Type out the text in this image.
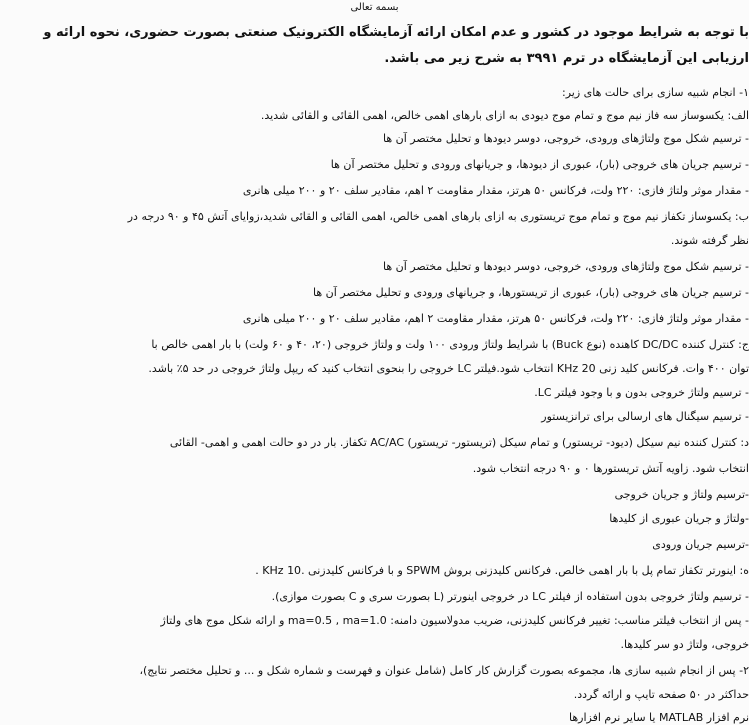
بسمه تعالی
با توجه به شرایط موجود در کشور و عدم امکان ارائه آزمایشگاه الکترونیک صنعتی بصورت حضوری، نحوه ارائه و
ارزیابی این آزمایشگاه در ترم ۳۹۹۱ به شرح زیر می باشد.
۱- انجام شبیه سازی برای حالت های زیر:
الف: یکسوساز سه فاز نیم موج و تمام موج دیودی به ازای بارهای اهمی خالص، اهمی القائی و القائی شدید.
- ترسیم شکل موج ولتاژهای ورودی، خروجی، دوسر دیودها و تحلیل مختصر آن ها
- ترسیم جریان های خروجی (بار)، عبوری از دیودها، و جریانهای ورودی و تحلیل مختصر آن ها
- مقدار موثر ولتاژ فازی: ۲۲۰ ولت، فرکانس ۵۰ هرتز، مقدار مقاومت ۲ اهم، مقادیر سلف ۲۰ و ۲۰۰ میلی هانری
ب: یکسوساز تکفاز نیم موج و تمام موج تریستوری به ازای بارهای اهمی خالص، اهمی القائی و القائی شدید،زوایای آتش ۴۵ و ۹۰ درجه در
نظر گرفته شوند.
- ترسیم شکل موج ولتاژهای ورودی، خروجی، دوسر دیودها و تحلیل مختصر آن ها
- ترسیم جریان های خروجی (بار)، عبوری از تریستورها، و جریانهای ورودی و تحلیل مختصر آن ها
- مقدار موثر ولتاژ فازی: ۲۲۰ ولت، فرکانس ۵۰ هرتز، مقدار مقاومت ۲ اهم، مقادیر سلف ۲۰ و ۲۰۰ میلی هانری
ج: کنترل کننده DC/DC کاهنده (نوع Buck) با شرایط ولتاژ ورودی ۱۰۰ ولت و ولتاژ خروجی (۲۰، ۴۰ و ۶۰ ولت) با بار اهمی خالص با
توان ۴۰۰ وات. فرکانس کلید زنی 20 KHz انتخاب شود.فیلتر LC خروجی را بنحوی انتخاب کنید که ریپل ولتاژ خروجی در حد ۵٪ باشد.
- ترسیم ولتاژ خروجی بدون و با وجود فیلتر LC.
- ترسیم سیگنال های ارسالی برای ترانزیستور
د: کنترل کننده نیم سیکل (دیود- تریستور) و تمام سیکل (تریستور- تریستور) AC/AC تکفاز. بار در دو حالت اهمی و اهمی- القائی
انتخاب شود. زاویه آتش تریستورها ۰ و ۹۰ درجه انتخاب شود.
-ترسیم ولتاژ و جریان خروجی
-ولتاژ و جریان عبوری از کلیدها
-ترسیم جریان ورودی
ه: اینورتر تکفاز تمام پل با بار اهمی خالص. فرکانس کلیدزنی بروش SPWM و با فرکانس کلیدزنی .10 KHz .
- ترسیم ولتاژ خروجی بدون استفاده از فیلتر LC در خروجی اینورتر (L بصورت سری و C بصورت موازی).
- پس از انتخاب فیلتر مناسب: تغییر فرکانس کلیدزنی، ضریب مدولاسیون دامنه: ma=0.5 , ma=1.0 و ارائه شکل موج های ولتاژ
خروجی، ولتاژ دو سر کلیدها.
۲- پس از انجام شبیه سازی ها، مجموعه بصورت گزارش کار کامل (شامل عنوان و فهرست و شماره شکل و ... و تحلیل مختصر نتایج)،
حداکثر در ۵۰ صفحه تایپ و ارائه گردد.
نرم افزار MATLAB یا سایر نرم افزارها
